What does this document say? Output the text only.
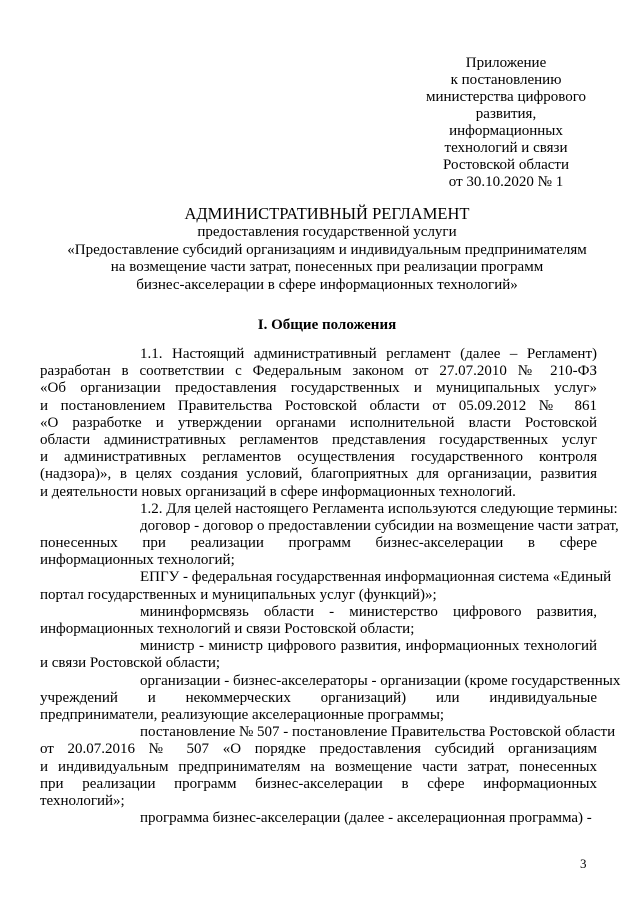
Приложение
к постановлению
министерства цифрового
развития,
информационных
технологий и связи
Ростовской области
от 30.10.2020 № 1
АДМИНИСТРАТИВНЫЙ РЕГЛАМЕНТ
предоставления государственной услуги
«Предоставление субсидий организациям и индивидуальным предпринимателям
на возмещение части затрат, понесенных при реализации программ
бизнес-акселерации в сфере информационных технологий»
I. Общие положения
1.1. Настоящий административный регламент (далее – Регламент)
разработан в соответствии с Федеральным законом от 27.07.2010 № 210-ФЗ
«Об организации предоставления государственных и муниципальных услуг»
и постановлением Правительства Ростовской области от 05.09.2012 № 861
«О разработке и утверждении органами исполнительной власти Ростовской
области административных регламентов представления государственных услуг
и административных регламентов осуществления государственного контроля
(надзора)», в целях создания условий, благоприятных для организации, развития
и деятельности новых организаций в сфере информационных технологий.
1.2. Для целей настоящего Регламента используются следующие термины:
договор - договор о предоставлении субсидии на возмещение части затрат,
понесенных при реализации программ бизнес-акселерации в сфере
информационных технологий;
ЕПГУ - федеральная государственная информационная система «Единый
портал государственных и муниципальных услуг (функций)»;
мининформсвязь области - министерство цифрового развития,
информационных технологий и связи Ростовской области;
министр - министр цифрового развития, информационных технологий
и связи Ростовской области;
организации - бизнес-акселераторы - организации (кроме государственных
учреждений и некоммерческих организаций) или индивидуальные
предприниматели, реализующие акселерационные программы;
постановление № 507 - постановление Правительства Ростовской области
от 20.07.2016 № 507 «О порядке предоставления субсидий организациям
и индивидуальным предпринимателям на возмещение части затрат, понесенных
при реализации программ бизнес-акселерации в сфере информационных
технологий»;
программа бизнес-акселерации (далее - акселерационная программа) -
3
